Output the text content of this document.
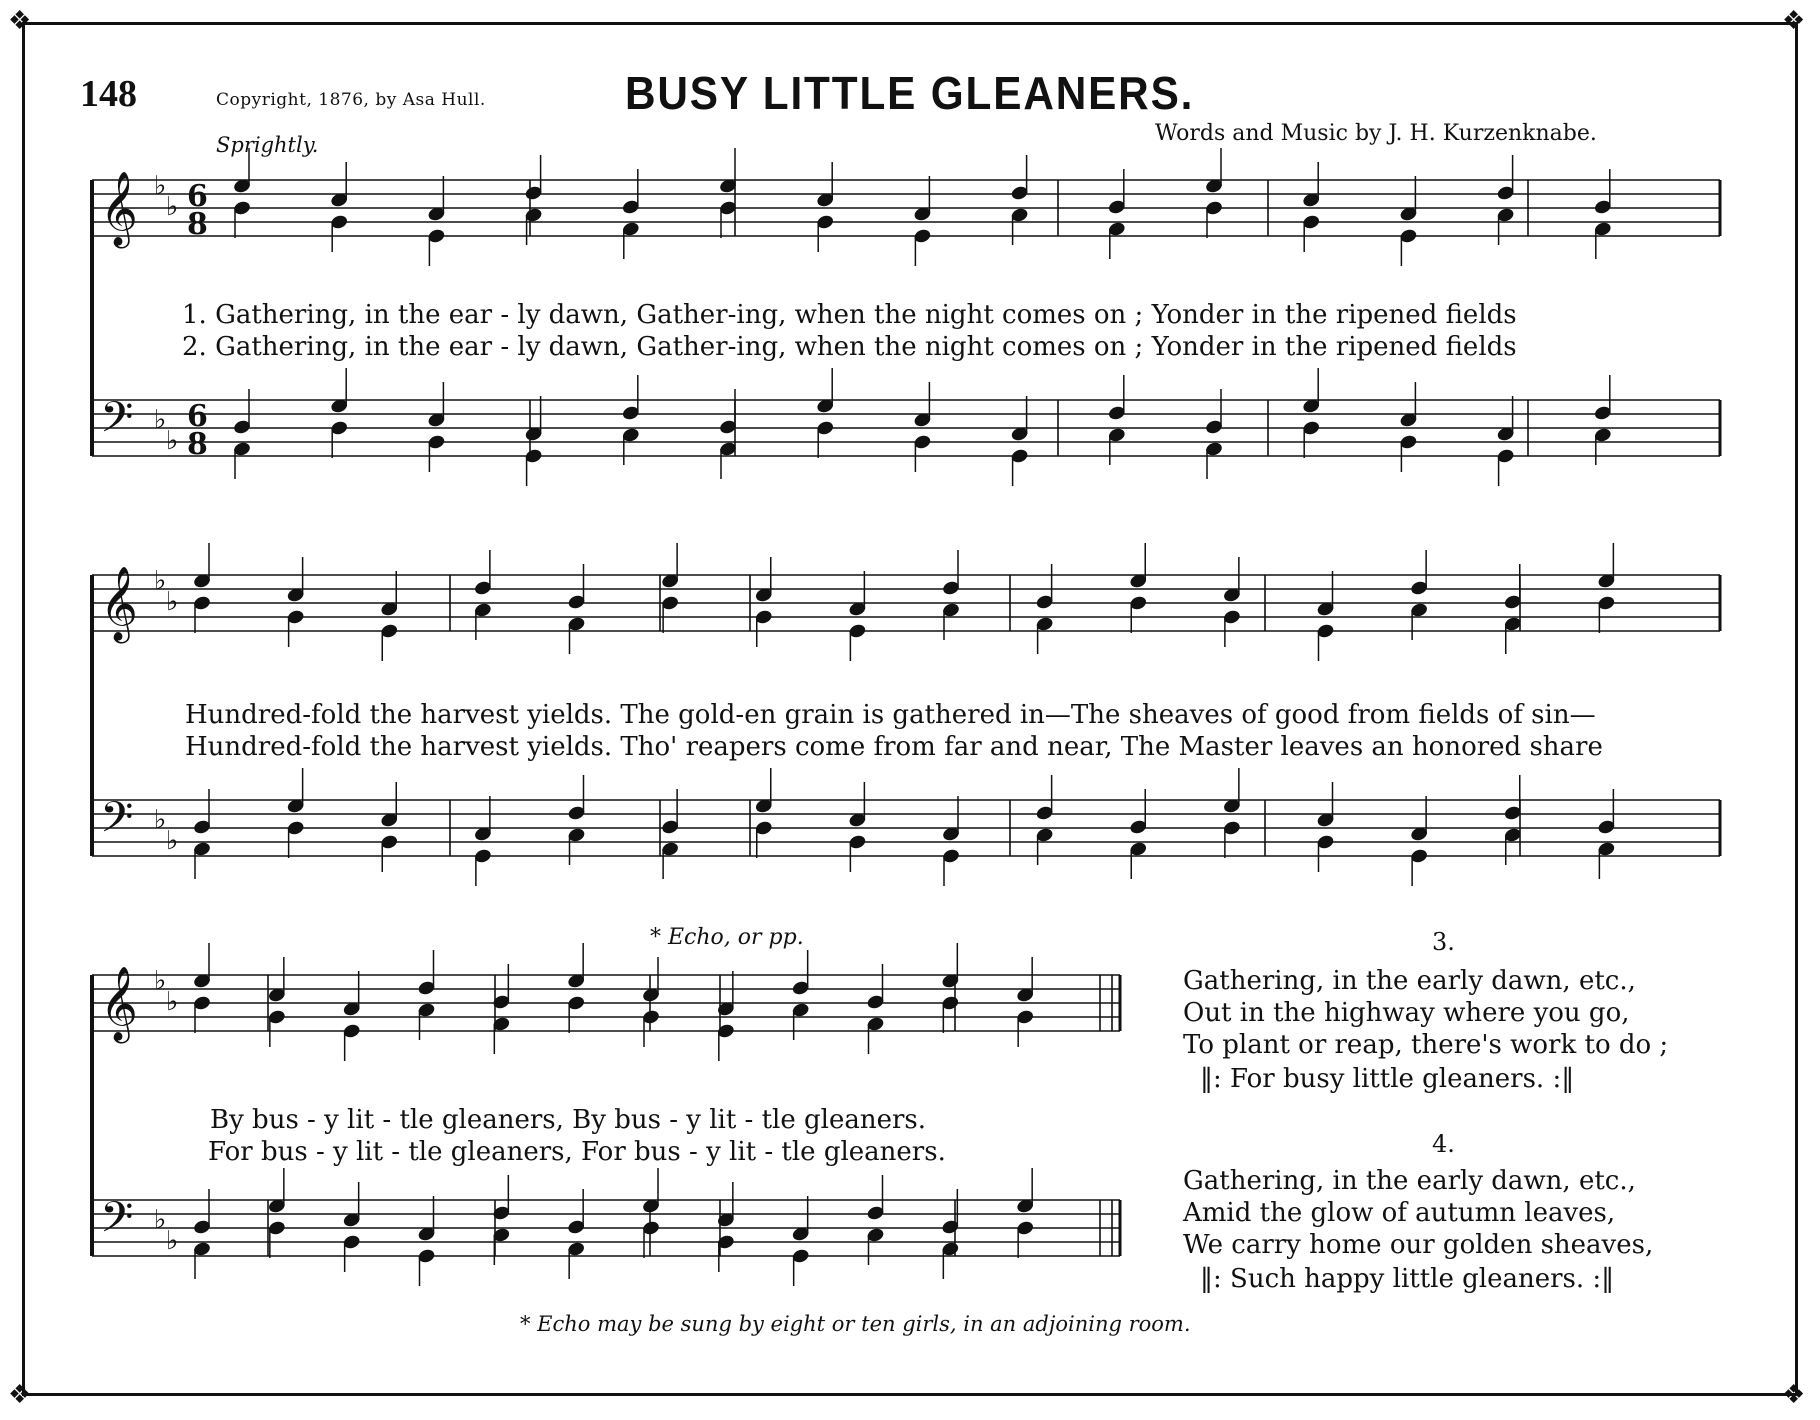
❖	❖
❖	❖
148	Copyright, 1876, by Asa Hull.	BUSY LITTLE GLEANERS.
Sprightly.	Words and Music by J. H. Kurzenknabe.
𝄞 ♭
♭ 6
8
𝄢 ♭
♭
6
8
𝄞 ♭
♭
𝄢 ♭
♭
𝄞 ♭
♭
𝄢 ♭
♭
1. Gathering, in the ear - ly dawn, Gather-ing, when the night comes on ; Yonder in the ripened fields
2. Gathering, in the ear - ly dawn, Gather-ing, when the night comes on ; Yonder in the ripened fields
Hundred-fold the harvest yields. The gold-en grain is gathered in—The sheaves of good from fields of sin—
Hundred-fold the harvest yields. Tho' reapers come from far and near, The Master leaves an honored share
By bus - y lit - tle gleaners, By bus - y lit - tle gleaners.
For bus - y lit - tle gleaners, For bus - y lit - tle gleaners.
* Echo, or pp.	3.
Gathering, in the early dawn, etc.,
Out in the highway where you go,
To plant or reap, there's work to do ;
‖: For busy little gleaners. :‖
4.
Gathering, in the early dawn, etc.,
Amid the glow of autumn leaves,
We carry home our golden sheaves,
‖: Such happy little gleaners. :‖
* Echo may be sung by eight or ten girls, in an adjoining room.
